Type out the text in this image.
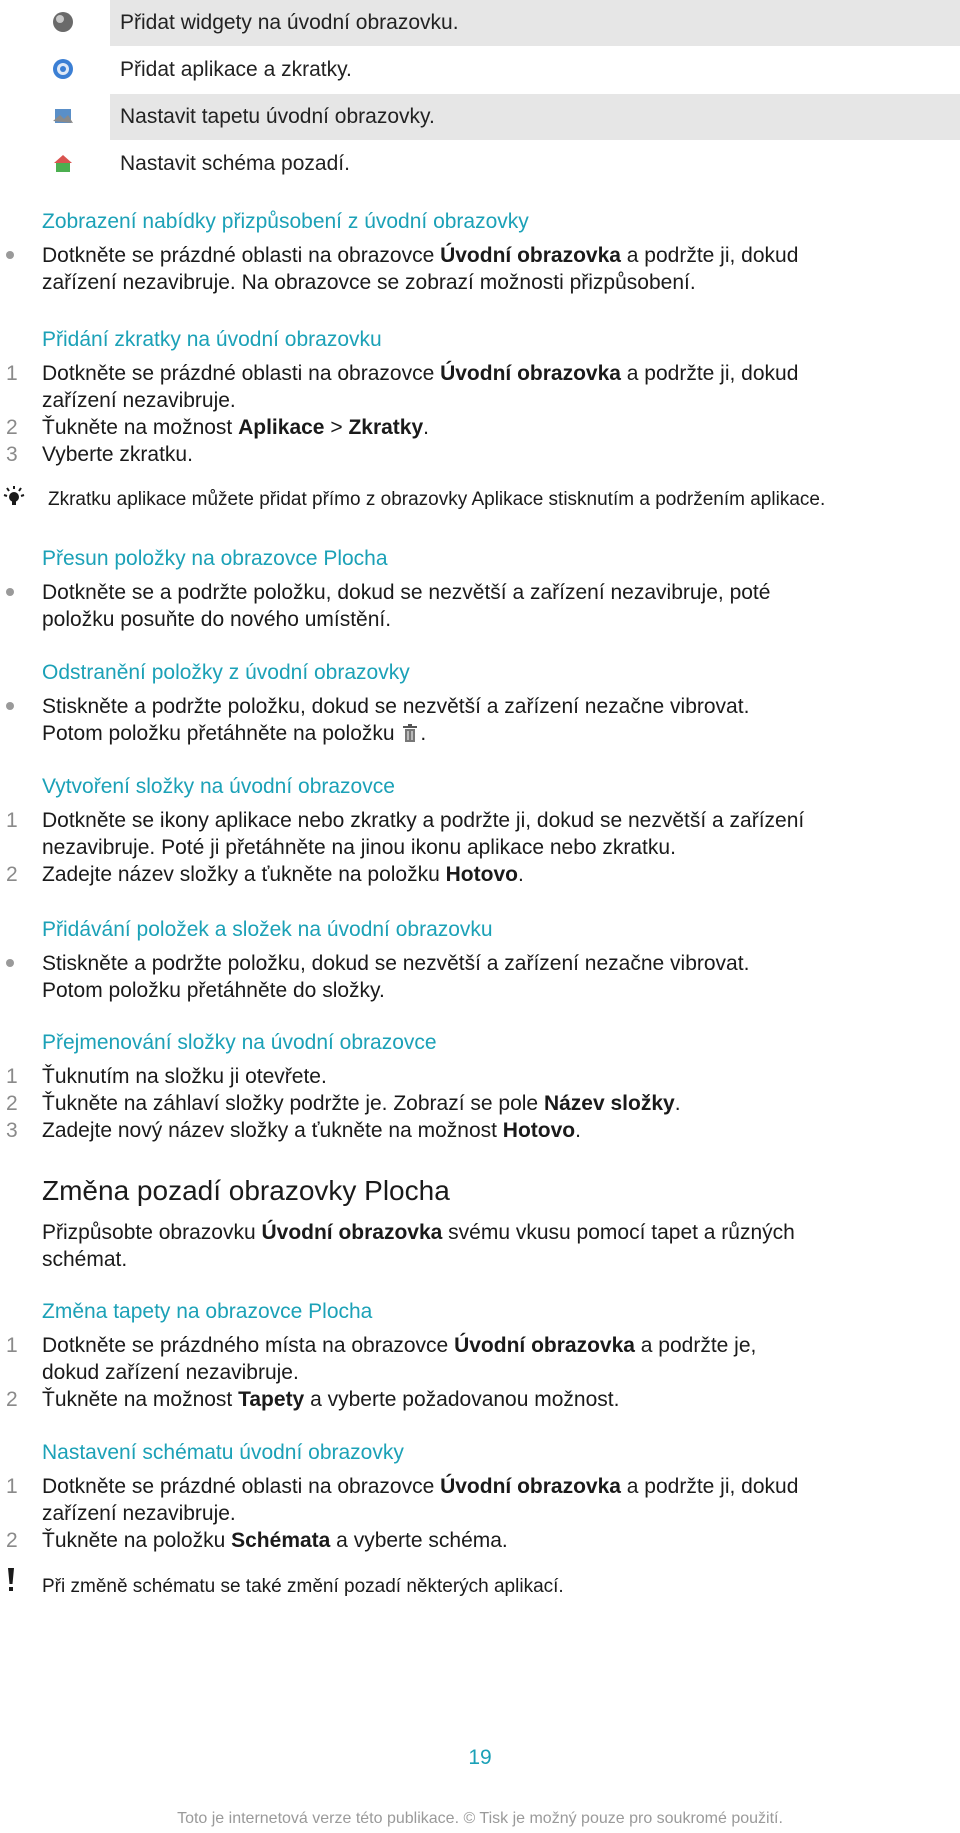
Přidat widgety na úvodní obrazovku.
Přidat aplikace a zkratky.
Nastavit tapetu úvodní obrazovky.
Nastavit schéma pozadí.
Zobrazení nabídky přizpůsobení z úvodní obrazovky
Dotkněte se prázdné oblasti na obrazovce Úvodní obrazovka a podržte ji, dokud
zařízení nezavibruje. Na obrazovce se zobrazí možnosti přizpůsobení.
Přidání zkratky na úvodní obrazovku
1 Dotkněte se prázdné oblasti na obrazovce Úvodní obrazovka a podržte ji, dokud
zařízení nezavibruje.
2 Ťukněte na možnost Aplikace > Zkratky.
3 Vyberte zkratku.
Zkratku aplikace můžete přidat přímo z obrazovky Aplikace stisknutím a podržením aplikace.
Přesun položky na obrazovce Plocha
Dotkněte se a podržte položku, dokud se nezvětší a zařízení nezavibruje, poté
položku posuňte do nového umístění.
Odstranění položky z úvodní obrazovky
Stiskněte a podržte položku, dokud se nezvětší a zařízení nezačne vibrovat.
Potom položku přetáhněte na položku .
Vytvoření složky na úvodní obrazovce
1 Dotkněte se ikony aplikace nebo zkratky a podržte ji, dokud se nezvětší a zařízení
nezavibruje. Poté ji přetáhněte na jinou ikonu aplikace nebo zkratku.
2 Zadejte název složky a ťukněte na položku Hotovo.
Přidávání položek a složek na úvodní obrazovku
Stiskněte a podržte položku, dokud se nezvětší a zařízení nezačne vibrovat.
Potom položku přetáhněte do složky.
Přejmenování složky na úvodní obrazovce
1 Ťuknutím na složku ji otevřete.
2 Ťukněte na záhlaví složky podržte je. Zobrazí se pole Název složky.
3 Zadejte nový název složky a ťukněte na možnost Hotovo.
Změna pozadí obrazovky Plocha
Přizpůsobte obrazovku Úvodní obrazovka svému vkusu pomocí tapet a různých
schémat.
Změna tapety na obrazovce Plocha
1 Dotkněte se prázdného místa na obrazovce Úvodní obrazovka a podržte je,
dokud zařízení nezavibruje.
2 Ťukněte na možnost Tapety a vyberte požadovanou možnost.
Nastavení schématu úvodní obrazovky
1 Dotkněte se prázdné oblasti na obrazovce Úvodní obrazovka a podržte ji, dokud
zařízení nezavibruje.
2 Ťukněte na položku Schémata a vyberte schéma.
Při změně schématu se také změní pozadí některých aplikací.
19
Toto je internetová verze této publikace. © Tisk je možný pouze pro soukromé použití.
